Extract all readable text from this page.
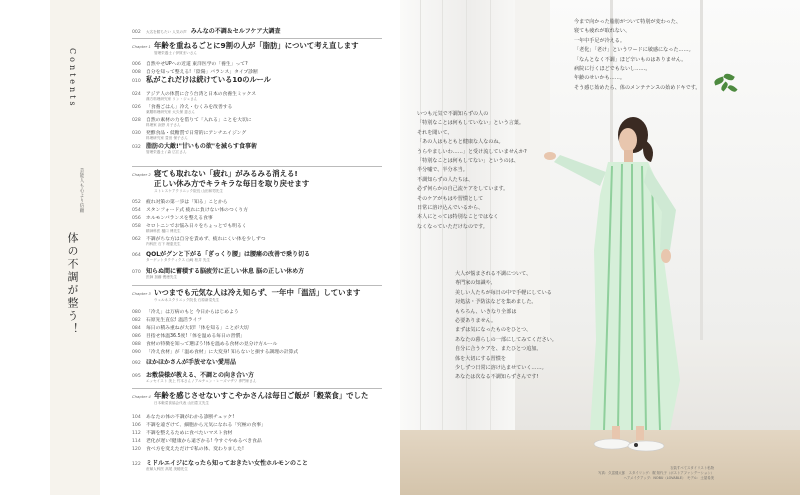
Contents
芸能人も心より信頼
体の不調が整う！
002	大名を勝ちたい 人気の声 みんなの不調＆セルフケア大調査
Chapter 1 年齢を重ねるごとに9割の人が「脂肪」について考え直します
管理栄養士 / 伊賀まいさん
006	自然やせUPへの近道 東洋医学の「養生」って?
008	自分を知って整える!「陰陽」バランス」タイプ診断
010 私がこれだけは続けている10のルール
024	アジア人の体質に合う台湾と日本の食養生ミックス
漢方料理研究家 リン・ジェさん
026	「食養ごはん」冷え・むくみを改善する
薬膳料理研究家 大久保 恵さん
028	自然の素材の力を借りて「入れる」ことを大切に
料理家 浜野 月子さん
030	発酵食品・低糖質で日常的にアンチエイジング
料理研究家 豊田 保子さん
032 脂肪の大敵!"甘いもの欲"を減らす食事術
管理栄養士 / 森 広江さん
Chapter 2 寝ても取れない「疲れ」がみるみる消える!
正しい休み方でキラキラな毎日を取り戻せます
ストレスケアクリニック院長 山田和男先生
052	疲れ対策の第一歩は「知る」ことから
054	スタンフォード式 疲れに負けない体のつくり方
056	ホルモンバランスを整える食事
058	セロトニンでお悩み日々をちょっとでも明るく
精神科医 樋口 博先生
062	不調がちな方は自分を責めず、疲れにくい体を少しずつ
内科医 石下 理恵先生
064 QOLがグンと下がる「ぎっくり腰」は腰痛の改善で乗り切る
ターゲットタクティクス 山崎 松井 先生
070 知らぬ間に蓄積する脳疲労に正しい休息 脳の正しい休め方
医師 加藤 俊徳先生
Chapter 3 いつまでも元気な人は冷え知らず、一年中「温活」しています
ウェルネスクリニック院長 石原新菜先生
080	「冷え」は万病のもと 今日からはじめよう
082	石原先生直伝! 温活ライフ
084	毎日の積み重ねが大切!「体を知る」ことが大切
086	目指せ体温36.5度!「体を温める毎日の習慣」
088	食材の特徴を知って選ぼう!体を温める食材の見分け方ルール
090	「冷え食材」が「温め食材」に大変身! 知らないと損する調理の計算式
092 ほかほかさんが手放せない愛用品
095 お敷袋様が教える、不調との向き合い方
エッセイスト 美上 竹本さん / アルチェン・レーズマザワ 専門家さん
Chapter 4 年齢を感じさせないすこやかさんは毎日ご飯が「穀菜食」でした
日本穀菜食協会代表 山田豊文先生
104	あなたの体の不調がわかる診断チェック!
106	不調を遠ざけて、細胞から元気になれる「究極の食事」
112	不調を整えるために食べたいマスト食材
114	老化が遅い!健康から遠ざかる! 今すぐやめるべき食品
120	食べ方を変えただけで私の体、変わりました!
122 ミドルエイジになったら知っておきたい女性ホルモンのこと
産婦人科医 高尾 美穂先生
今まで向かった脂肪がついて特別が変わった、
寝ても疲れが取れない、
一年中手足が冷える。
「老化」「老け」というワードに敏感になった……。
「なんとなく不調」ほど辛いものはありません。
病院に行くほどでもないし……。
年齢のせいかも……。
そう感じ始めたら、体のメンテナンスの始めドキです。
いつも元気で不調知らずの人の
「特別なことは何もしていない」という言葉。
それを聞いて、
「あの人はもともと健康な人なのね。
うらやましいわ……」と受け流していませんか?
「特別なことは何もしてない」というのは、
半分嘘で、半分本当。
不調知らずの人たちは、
必ず何らかの自己流ケアをしています。
そのケアがもはや習慣として
日常に溶け込んでいるから、
本人にとっては特別なことではなく
なくなっていただけなのです。
大人が悩まされる不調について、
専門家の知識や、
美しい人たちが毎日の中で手軽にしている
対処法・予防法などを集めました。
もちろん、いきなり全部は
必要ありません。
まずは気になったものをひとつ、
あなたの暮らしの一部にしてみてください。
自分に合うケアを、またひとつ追加。
体を大切にする習慣を
少しずつ日常に溶け込ませていく……。
あなたは次なる不調知らずさんです!
衣装すべてスタイリスト私物
写真：久富健太郎　スタイリング：梶 知代子（ボストアファンデーション）
ヘアメイクアップ：NOBU（LOVABLE）　モデル：土屋希美
